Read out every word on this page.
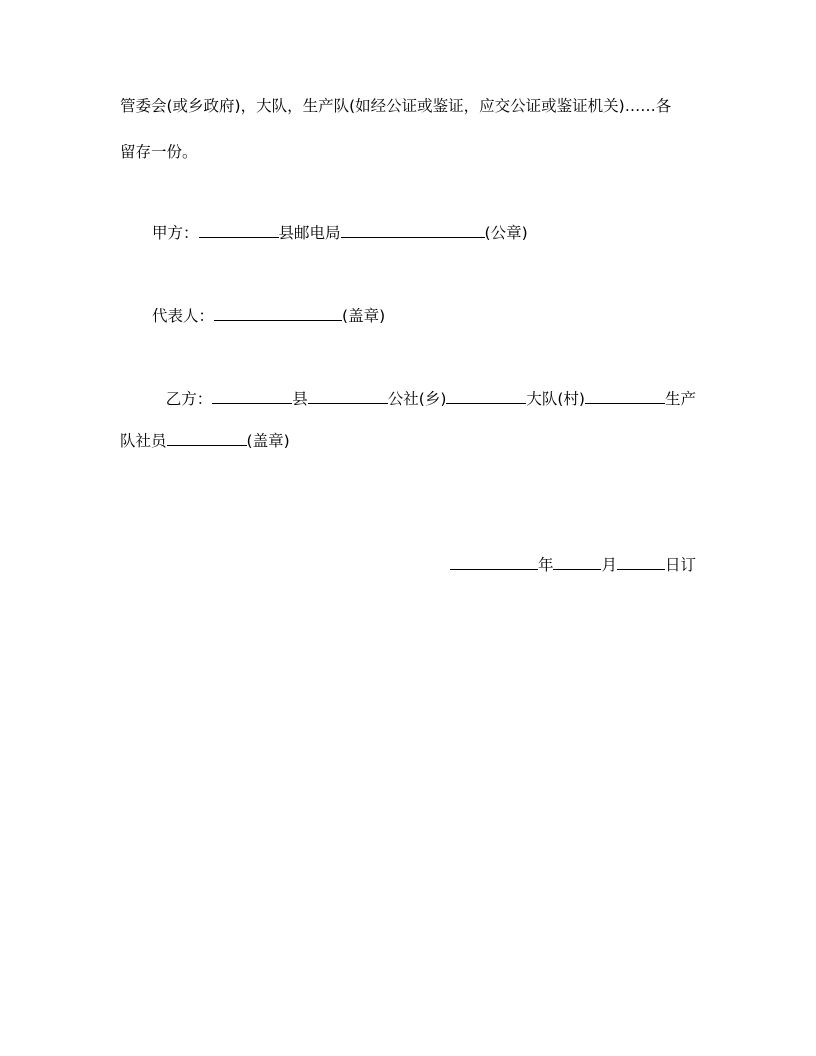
管委会(或乡政府)，大队，生产队(如经公证或鉴证，应交公证或鉴证机关)……各
留存一份。
甲方：	县邮电局	(公章)
代表人：	(盖章)
乙方：	县	公社(乡)	大队(村)	生产
队社员	(盖章)
年	月	日订
